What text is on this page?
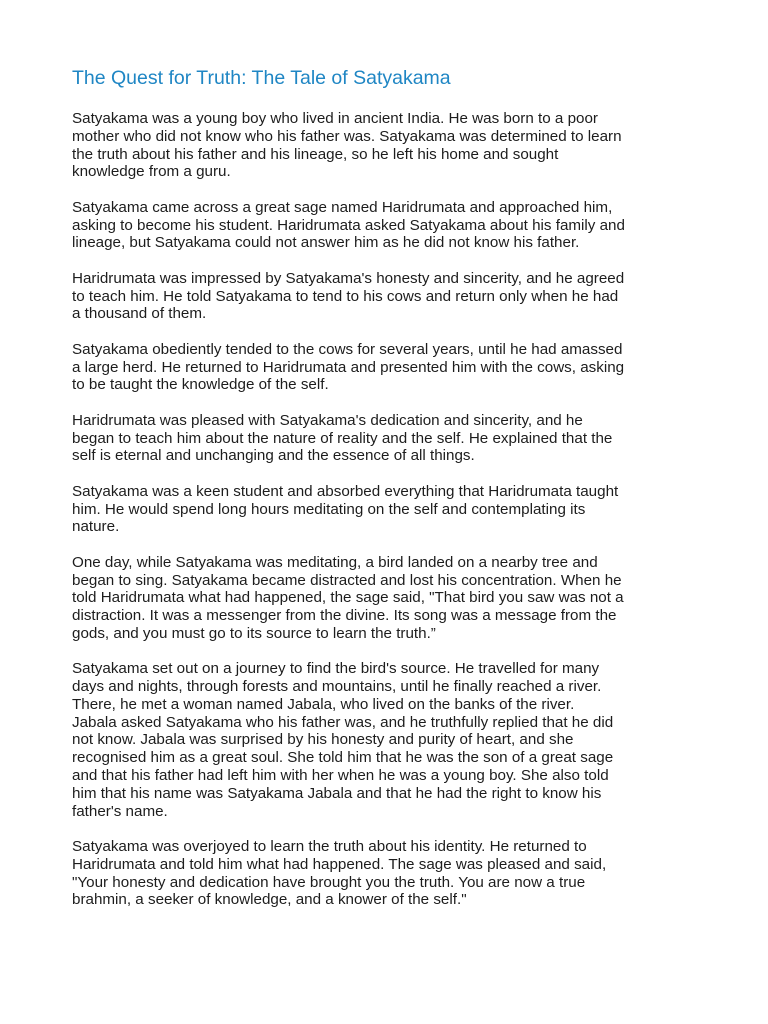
The Quest for Truth: The Tale of Satyakama

Satyakama was a young boy who lived in ancient India. He was born to a poor
mother who did not know who his father was. Satyakama was determined to learn
the truth about his father and his lineage, so he left his home and sought
knowledge from a guru.

Satyakama came across a great sage named Haridrumata and approached him,
asking to become his student. Haridrumata asked Satyakama about his family and
lineage, but Satyakama could not answer him as he did not know his father.

Haridrumata was impressed by Satyakama's honesty and sincerity, and he agreed
to teach him. He told Satyakama to tend to his cows and return only when he had
a thousand of them.

Satyakama obediently tended to the cows for several years, until he had amassed
a large herd. He returned to Haridrumata and presented him with the cows, asking
to be taught the knowledge of the self.

Haridrumata was pleased with Satyakama's dedication and sincerity, and he
began to teach him about the nature of reality and the self. He explained that the
self is eternal and unchanging and the essence of all things.

Satyakama was a keen student and absorbed everything that Haridrumata taught
him. He would spend long hours meditating on the self and contemplating its
nature.

One day, while Satyakama was meditating, a bird landed on a nearby tree and
began to sing. Satyakama became distracted and lost his concentration. When he
told Haridrumata what had happened, the sage said, "That bird you saw was not a
distraction. It was a messenger from the divine. Its song was a message from the
gods, and you must go to its source to learn the truth.”

Satyakama set out on a journey to find the bird's source. He travelled for many
days and nights, through forests and mountains, until he finally reached a river.
There, he met a woman named Jabala, who lived on the banks of the river.
Jabala asked Satyakama who his father was, and he truthfully replied that he did
not know. Jabala was surprised by his honesty and purity of heart, and she
recognised him as a great soul. She told him that he was the son of a great sage
and that his father had left him with her when he was a young boy. She also told
him that his name was Satyakama Jabala and that he had the right to know his
father's name.

Satyakama was overjoyed to learn the truth about his identity. He returned to
Haridrumata and told him what had happened. The sage was pleased and said,
"Your honesty and dedication have brought you the truth. You are now a true
brahmin, a seeker of knowledge, and a knower of the self."
